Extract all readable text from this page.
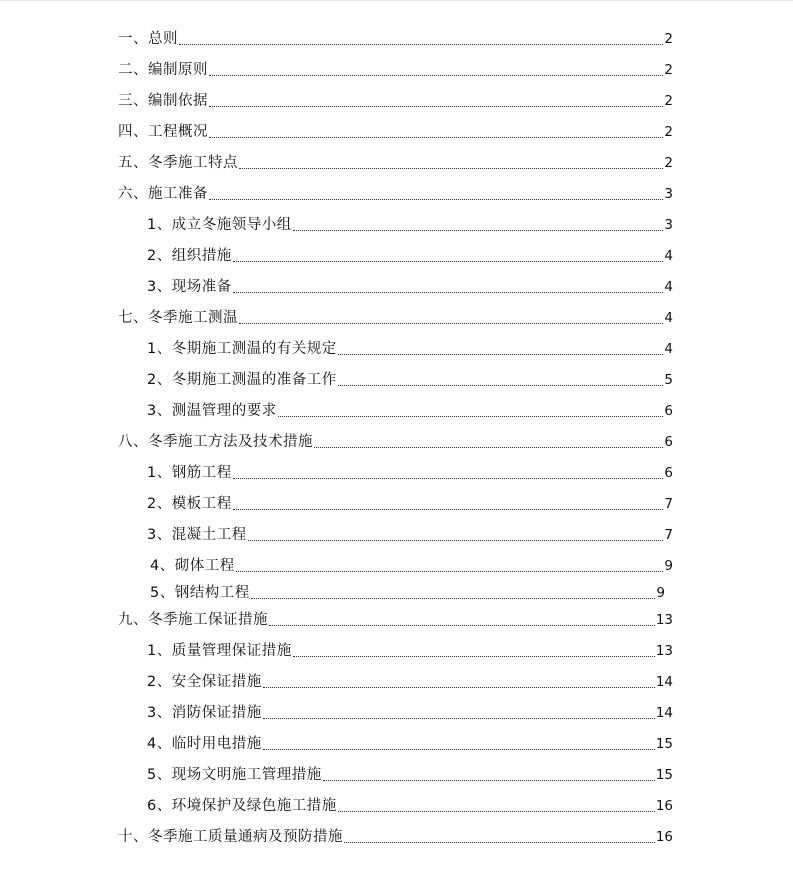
一、总则	2
二、编制原则	2
三、编制依据	2
四、工程概况	2
五、冬季施工特点	2
六、施工准备	3
1、成立冬施领导小组	3
2、组织措施	4
3、现场准备	4
七、冬季施工测温	4
1、冬期施工测温的有关规定	4
2、冬期施工测温的准备工作	5
3、测温管理的要求	6
八、冬季施工方法及技术措施	6
1、钢筋工程	6
2、模板工程	7
3、混凝土工程	7
4、砌体工程	9
5、钢结构工程	9
九、冬季施工保证措施	13
1、质量管理保证措施	13
2、安全保证措施	14
3、消防保证措施	14
4、临时用电措施	15
5、现场文明施工管理措施	15
6、环境保护及绿色施工措施	16
十、冬季施工质量通病及预防措施	16
